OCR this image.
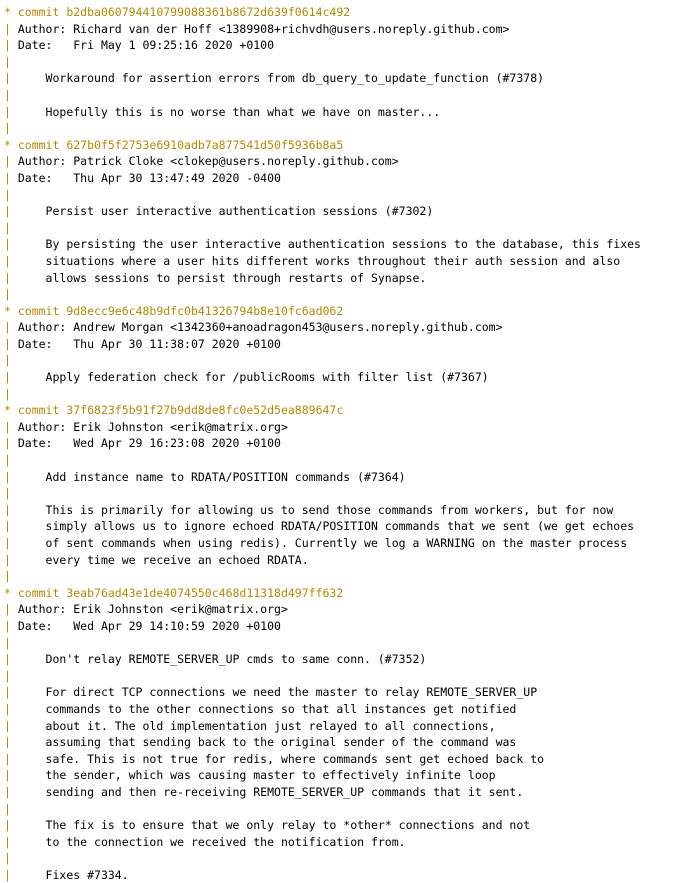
* commit b2dba060794410799088361b8672d639f0614c492
| Author: Richard van der Hoff <1389908+richvdh@users.noreply.github.com>
| Date:   Fri May 1 09:25:16 2020 +0100
|
|     Workaround for assertion errors from db_query_to_update_function (#7378)
|
|     Hopefully this is no worse than what we have on master...
|
* commit 627b0f5f2753e6910adb7a877541d50f5936b8a5
| Author: Patrick Cloke <clokep@users.noreply.github.com>
| Date:   Thu Apr 30 13:47:49 2020 -0400
|
|     Persist user interactive authentication sessions (#7302)
|
|     By persisting the user interactive authentication sessions to the database, this fixes
|     situations where a user hits different works throughout their auth session and also
|     allows sessions to persist through restarts of Synapse.
|
* commit 9d8ecc9e6c48b9dfc0b41326794b8e10fc6ad062
| Author: Andrew Morgan <1342360+anoadragon453@users.noreply.github.com>
| Date:   Thu Apr 30 11:38:07 2020 +0100
|
|     Apply federation check for /publicRooms with filter list (#7367)
|
* commit 37f6823f5b91f27b9dd8de8fc0e52d5ea889647c
| Author: Erik Johnston <erik@matrix.org>
| Date:   Wed Apr 29 16:23:08 2020 +0100
|
|     Add instance name to RDATA/POSITION commands (#7364)
|
|     This is primarily for allowing us to send those commands from workers, but for now
|     simply allows us to ignore echoed RDATA/POSITION commands that we sent (we get echoes
|     of sent commands when using redis). Currently we log a WARNING on the master process
|     every time we receive an echoed RDATA.
|
* commit 3eab76ad43e1de4074550c468d11318d497ff632
| Author: Erik Johnston <erik@matrix.org>
| Date:   Wed Apr 29 14:10:59 2020 +0100
|
|     Don't relay REMOTE_SERVER_UP cmds to same conn. (#7352)
|
|     For direct TCP connections we need the master to relay REMOTE_SERVER_UP
|     commands to the other connections so that all instances get notified
|     about it. The old implementation just relayed to all connections,
|     assuming that sending back to the original sender of the command was
|     safe. This is not true for redis, where commands sent get echoed back to
|     the sender, which was causing master to effectively infinite loop
|     sending and then re-receiving REMOTE_SERVER_UP commands that it sent.
|
|     The fix is to ensure that we only relay to *other* connections and not
|     to the connection we received the notification from.
|
|     Fixes #7334.
